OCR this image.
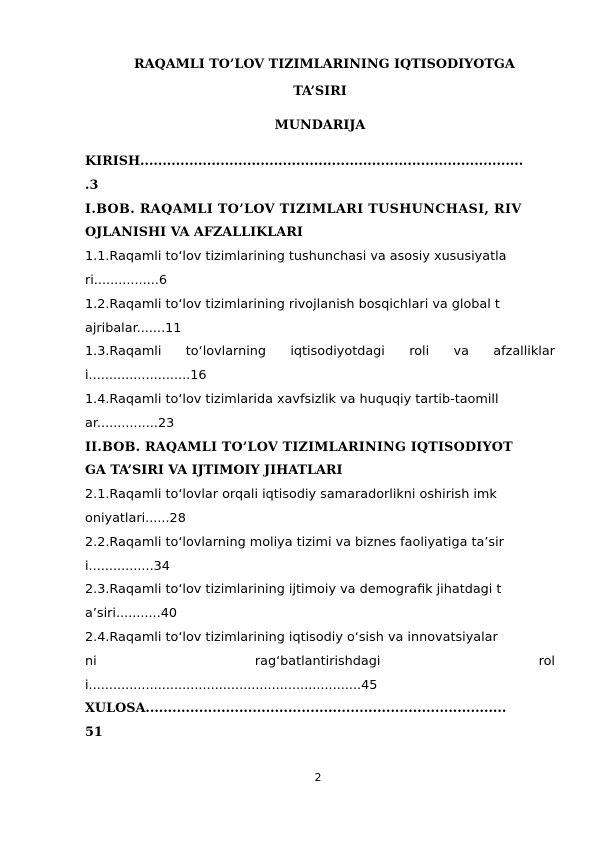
RAQAMLI TO’LOV TIZIMLARINING IQTISODIYOTGA
TA’SIRI
MUNDARIJA
KIRISH......................................................................................
.3
I.BOB. RAQAMLI TO’LOV TIZIMLARI TUSHUNCHASI, RIV
OJLANISHI VA AFZALLIKLARI
1.1.Raqamli to‘lov tizimlarining tushunchasi va asosiy xususiyatla
ri................6
1.2.Raqamli to‘lov tizimlarining rivojlanish bosqichlari va global t
ajribalar.......11
1.3.Raqamli to‘lovlarning iqtisodiyotdagi roli va afzalliklar
i.........................16
1.4.Raqamli to‘lov tizimlarida xavfsizlik va huquqiy tartib-taomill
ar...............23
II.BOB. RAQAMLI TO’LOV TIZIMLARINING IQTISODIYOT
GA TA’SIRI VA IJTIMOIY JIHATLARI
2.1.Raqamli to‘lovlar orqali iqtisodiy samaradorlikni oshirish imk
oniyatlari......28
2.2.Raqamli to‘lovlarning moliya tizimi va biznes faoliyatiga ta’sir
i................34
2.3.Raqamli to‘lov tizimlarining ijtimoiy va demografik jihatdagi t
a’siri...........40
2.4.Raqamli to‘lov tizimlarining iqtisodiy o‘sish va innovatsiyalar
ni	rag‘batlantirishdagi	rol
i...................................................................45
XULOSA.................................................................................
51
2
